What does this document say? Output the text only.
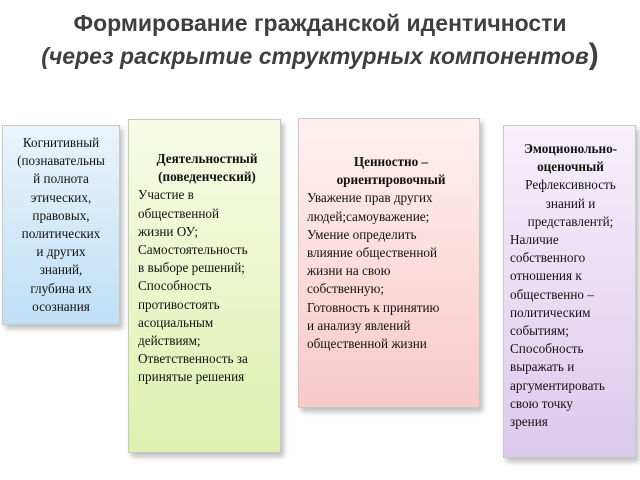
Формирование гражданской идентичности
(через раскрытие структурных компонентов)

Когнитивный

(познавательны

й полнота

этических,

правовых,

политических

и других

знаний,

глубина их

осознания

Деятельностный

(поведенческий)

Участие в

общественной

жизни ОУ;

Самостоятельность

в выборе решений;

Способность

противостоять

асоциальным

действиям;

Ответственность за

принятые решения

Ценностно –

ориентировочный

Уважение прав других

людей;самоуважение;

Умение определить

влияние общественной

жизни на свою

собственную;

Готовность к принятию

и анализу явлений

общественной жизни

Эмоционольно-

оценочный

Рефлексивность

знаний и

представлентй;

Наличие

собственного

отношения к

общественно –

политическим

событиям;

Способность

выражать и

аргументировать

свою точку

зрения
